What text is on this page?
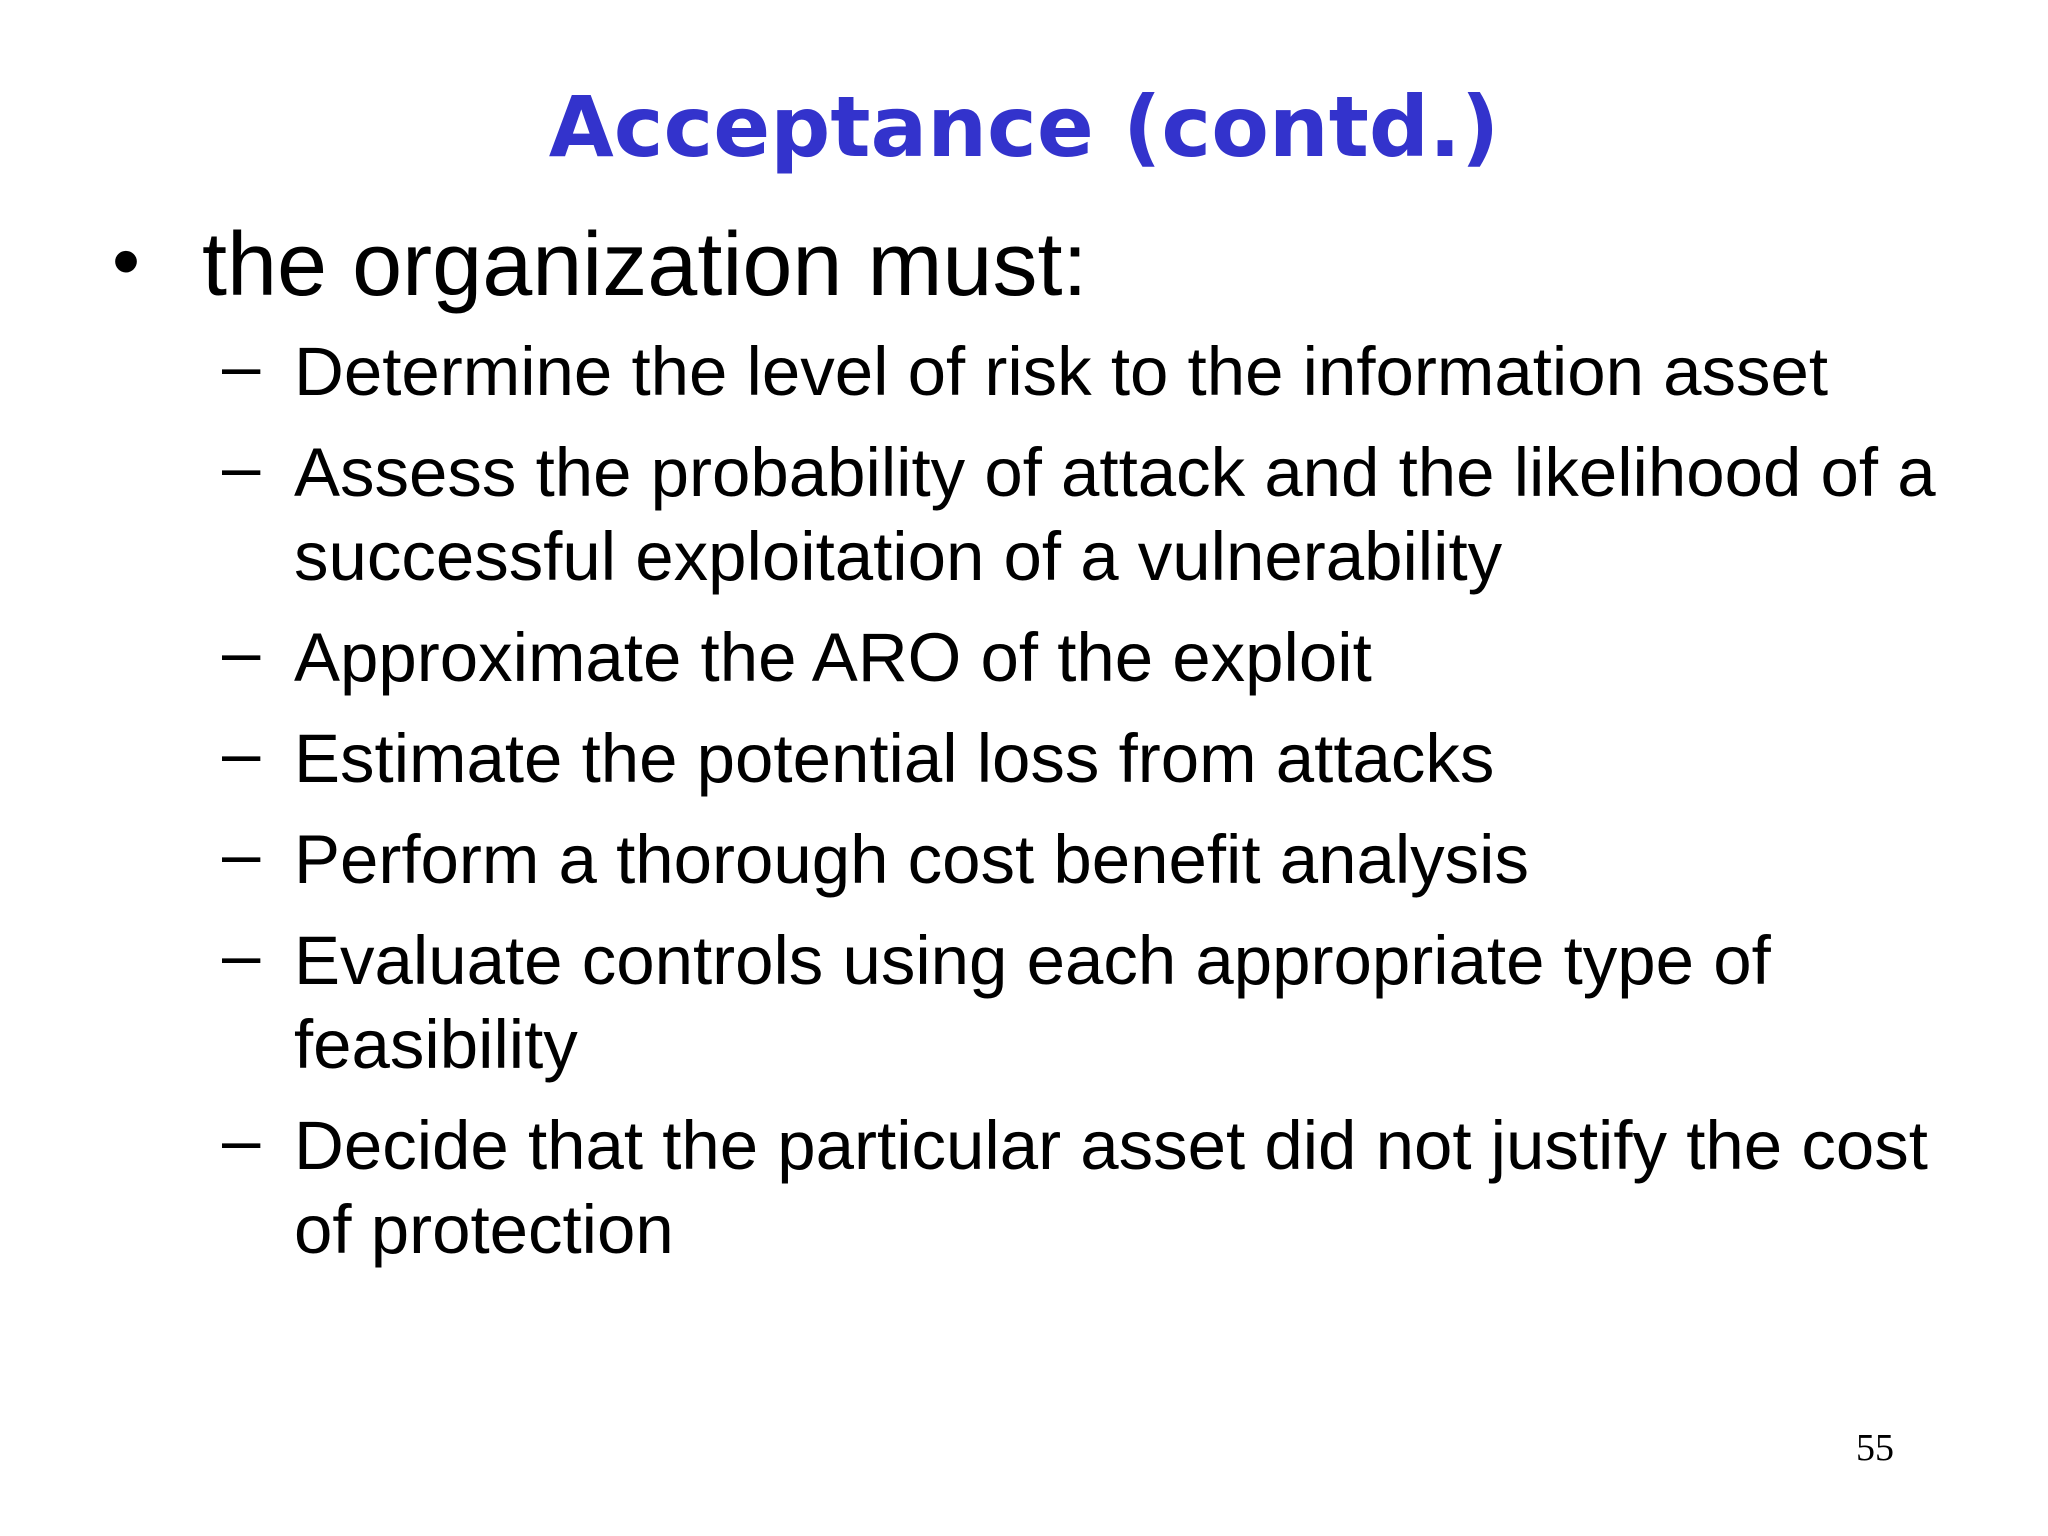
Acceptance (contd.)
• the organization must:
– Determine the level of risk to the information asset
– Assess the probability of attack and the likelihood of a successful exploitation of a vulnerability
– Approximate the ARO of the exploit
– Estimate the potential loss from attacks
– Perform a thorough cost benefit analysis
– Evaluate controls using each appropriate type of feasibility
– Decide that the particular asset did not justify the cost of protection
55
